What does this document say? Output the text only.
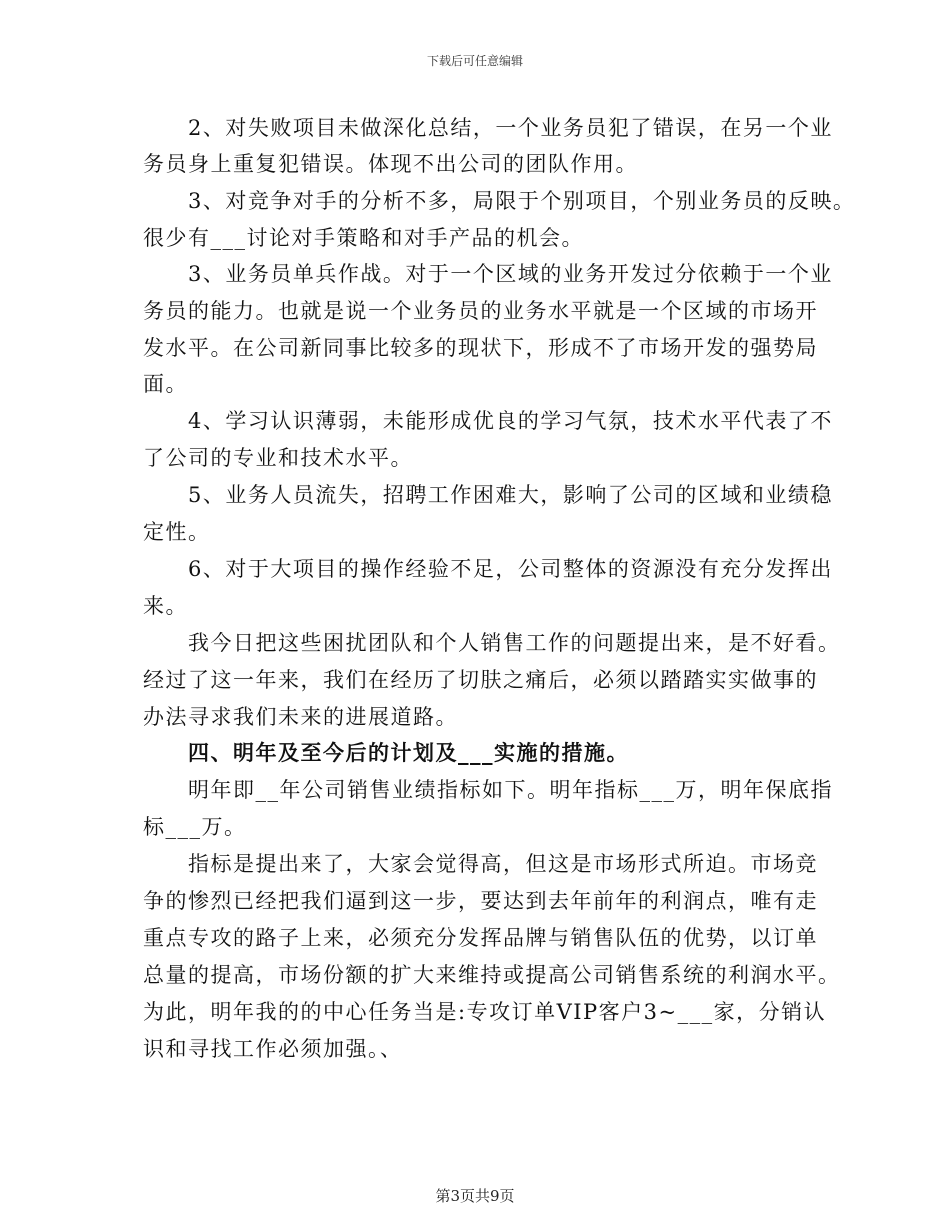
下载后可任意编辑
2、对失败项目未做深化总结，一个业务员犯了错误，在另一个业
务员身上重复犯错误。体现不出公司的团队作用。
3、对竞争对手的分析不多，局限于个别项目，个别业务员的反映。
很少有___讨论对手策略和对手产品的机会。
3、业务员单兵作战。对于一个区域的业务开发过分依赖于一个业
务员的能力。也就是说一个业务员的业务水平就是一个区域的市场开
发水平。在公司新同事比较多的现状下，形成不了市场开发的强势局
面。
4、学习认识薄弱，未能形成优良的学习气氛，技术水平代表了不
了公司的专业和技术水平。
5、业务人员流失，招聘工作困难大，影响了公司的区域和业绩稳
定性。
6、对于大项目的操作经验不足，公司整体的资源没有充分发挥出
来。
我今日把这些困扰团队和个人销售工作的问题提出来，是不好看。
经过了这一年来，我们在经历了切肤之痛后，必须以踏踏实实做事的
办法寻求我们未来的进展道路。
四、明年及至今后的计划及___实施的措施。
明年即__年公司销售业绩指标如下。明年指标___万，明年保底指
标___万。
指标是提出来了，大家会觉得高，但这是市场形式所迫。市场竞
争的惨烈已经把我们逼到这一步，要达到去年前年的利润点，唯有走
重点专攻的路子上来，必须充分发挥品牌与销售队伍的优势，以订单
总量的提高，市场份额的扩大来维持或提高公司销售系统的利润水平。
为此，明年我的的中心任务当是:专攻订单VIP客户3~___家，分销认
识和寻找工作必须加强。、
第3页共9页
